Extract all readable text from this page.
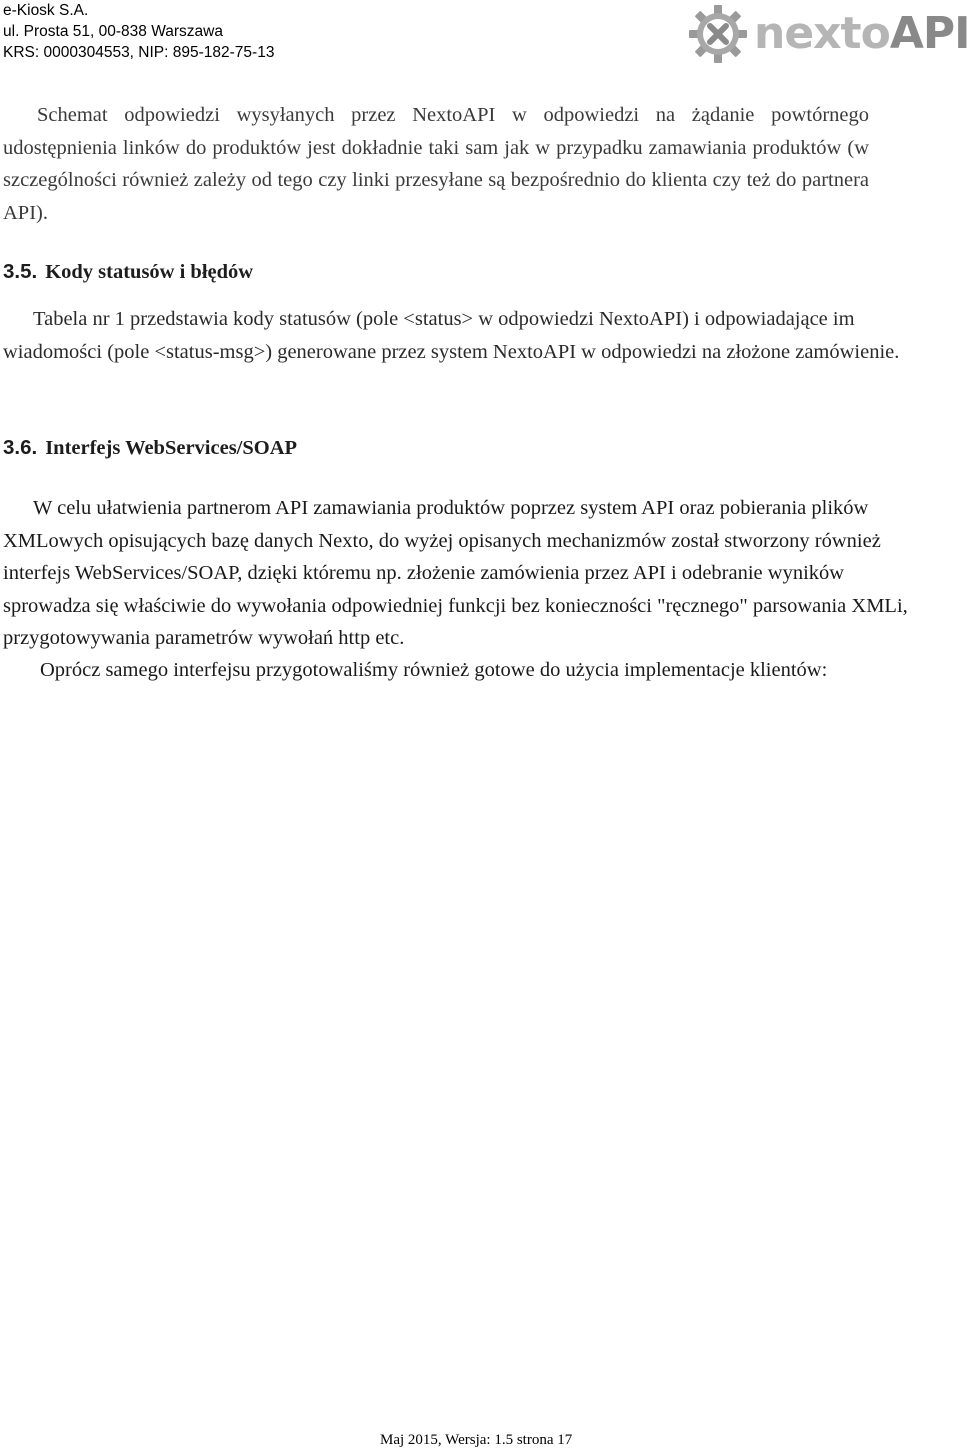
e-Kiosk S.A.
ul. Prosta 51, 00-838 Warszawa
KRS: 0000304553, NIP: 895-182-75-13	nextoAPI

Schemat odpowiedzi wysyłanych przez NextoAPI w odpowiedzi na żądanie powtórnego udostępnienia linków do produktów jest dokładnie taki sam jak w przypadku zamawiania produktów (w szczególności również zależy od tego czy linki przesyłane są bezpośrednio do klienta czy też do partnera API).

3.5. Kody statusów i błędów

Tabela nr 1 przedstawia kody statusów (pole <status> w odpowiedzi NextoAPI) i odpowiadające im wiadomości (pole <status-msg>) generowane przez system NextoAPI w odpowiedzi na złożone zamówienie.

3.6. Interfejs WebServices/SOAP

W celu ułatwienia partnerom API zamawiania produktów poprzez system API oraz pobierania plików XMLowych opisujących bazę danych Nexto, do wyżej opisanych mechanizmów został stworzony również interfejs WebServices/SOAP, dzięki któremu np. złożenie zamówienia przez API i odebranie wyników sprowadza się właściwie do wywołania odpowiedniej funkcji bez konieczności "ręcznego" parsowania XMLi, przygotowywania parametrów wywołań http etc.

Oprócz samego interfejsu przygotowaliśmy również gotowe do użycia implementacje klientów:

Maj 2015, Wersja: 1.5 strona 17
